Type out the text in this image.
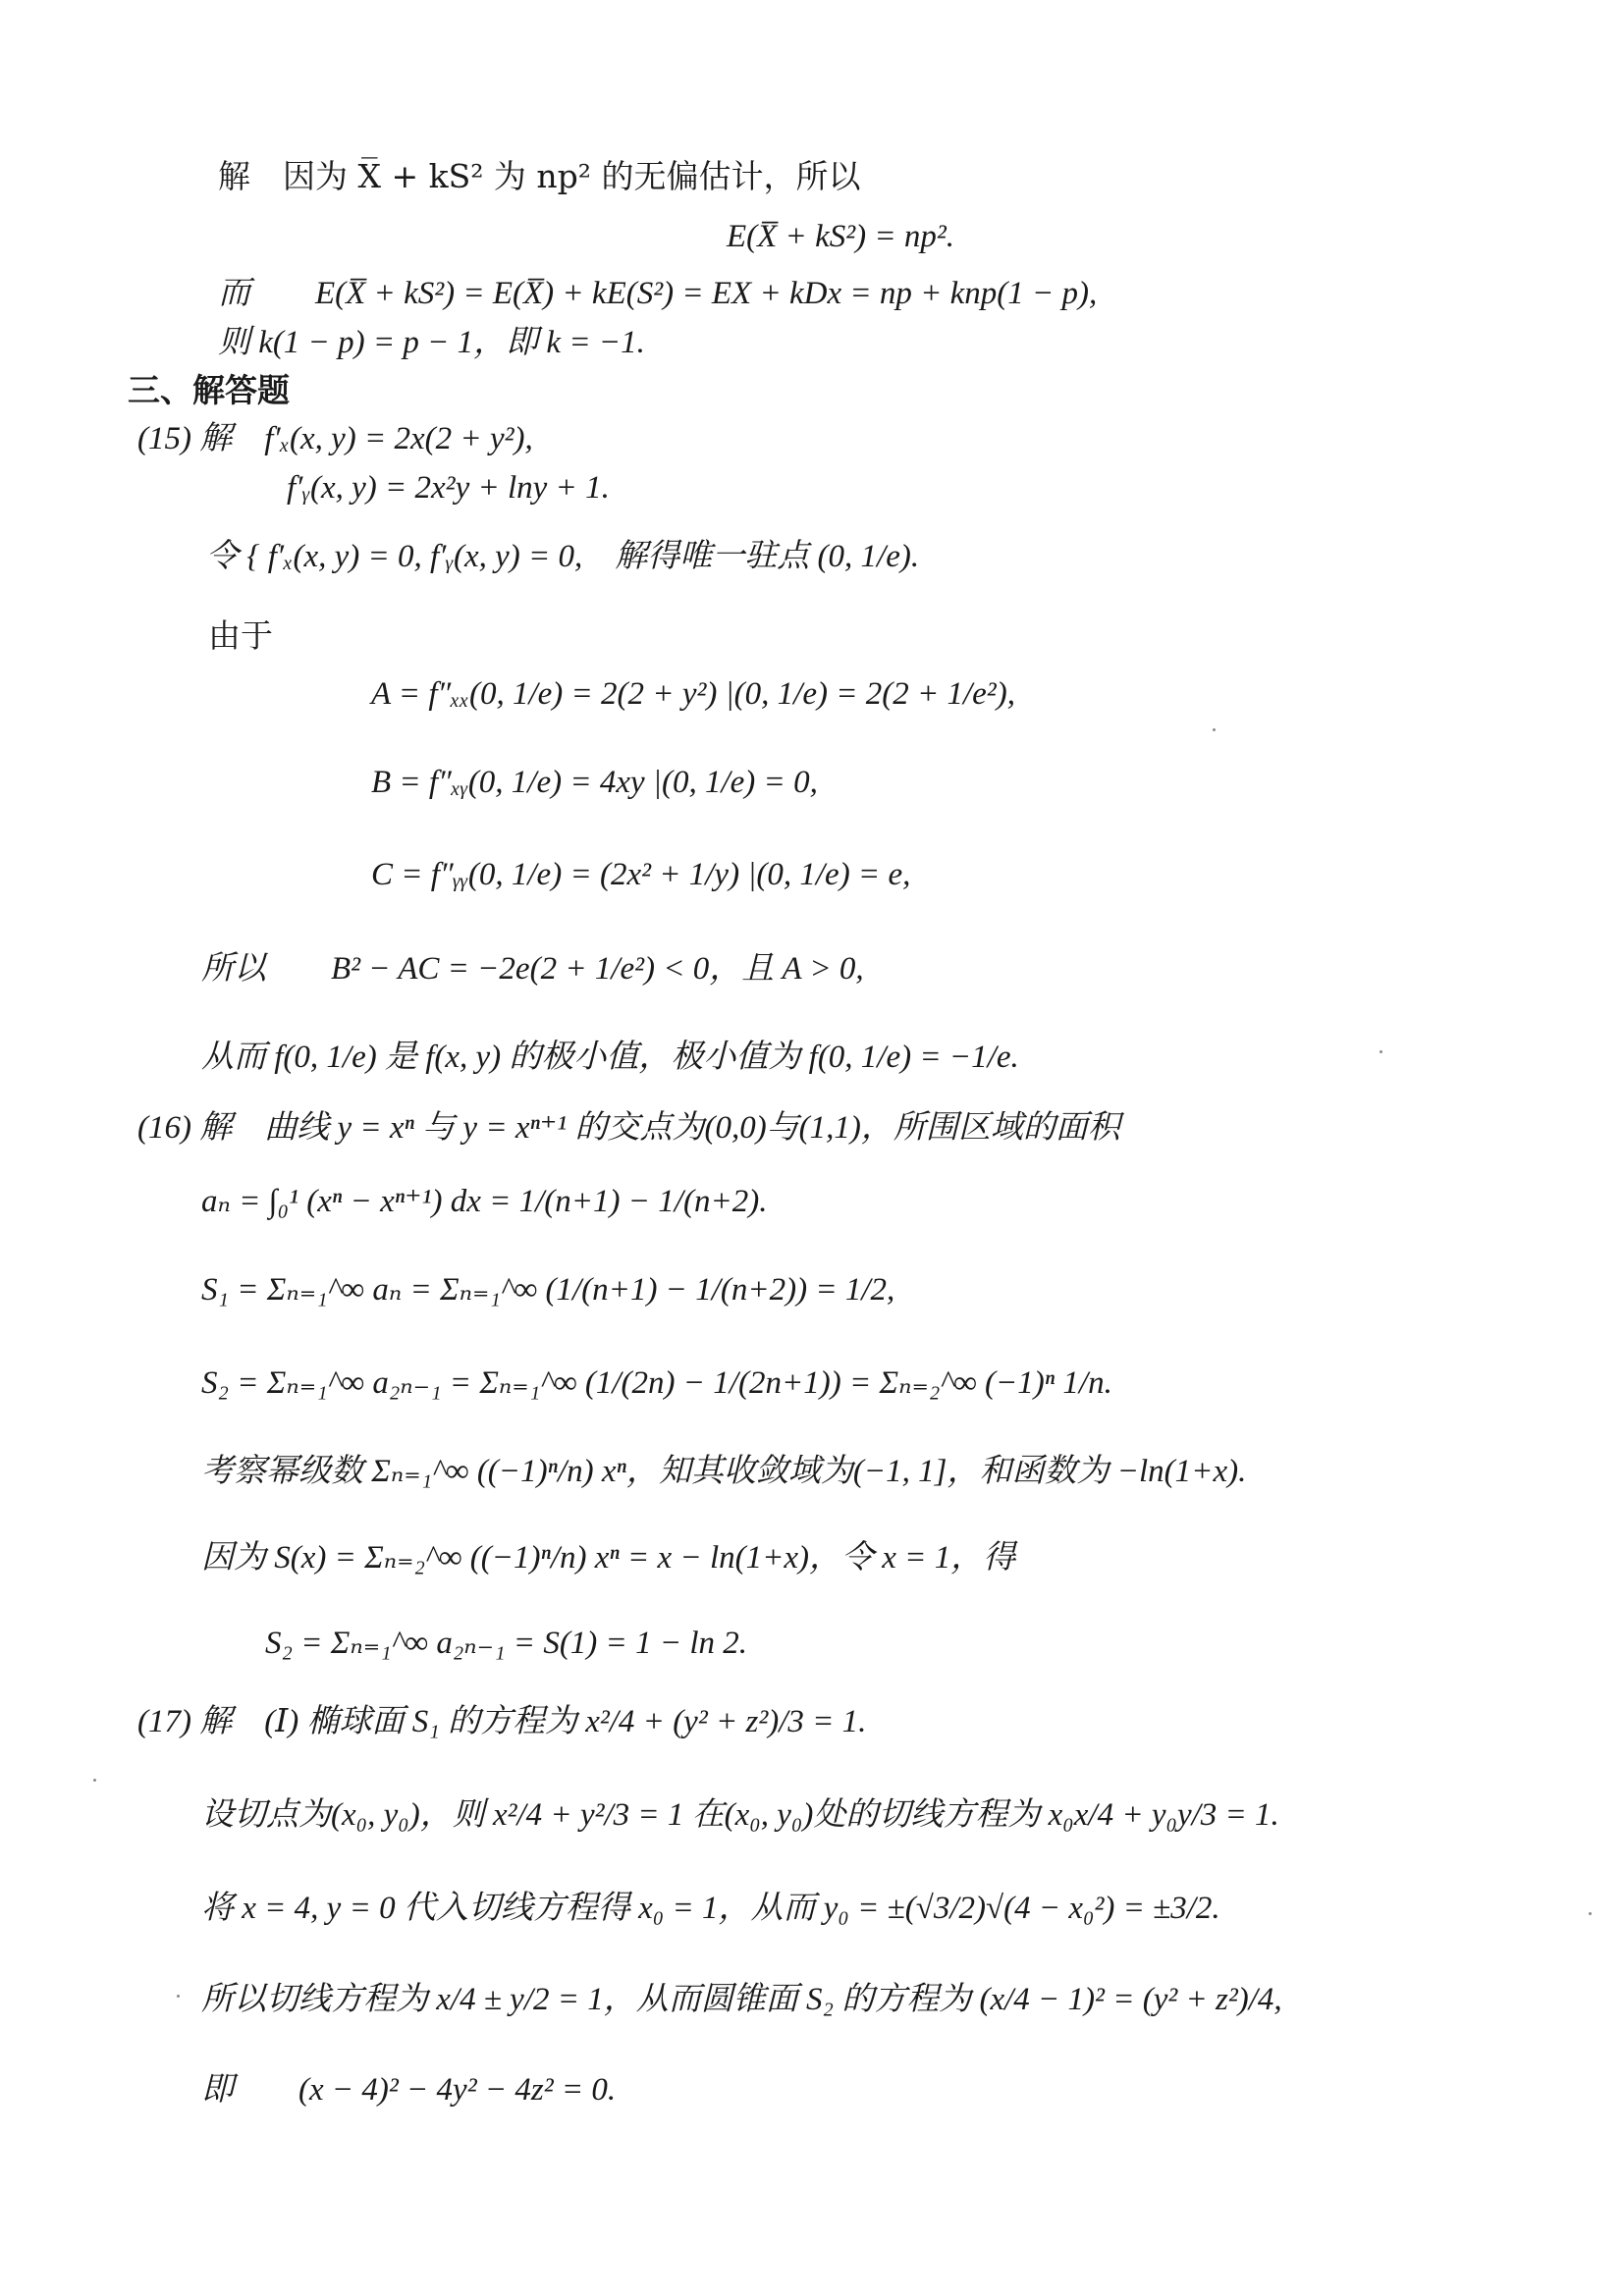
解　因为 X̅ + kS² 为 np² 的无偏估计，所以
E(X̅ + kS²) = np².
而　　E(X̅ + kS²) = E(X̅) + kE(S²) = EX + kDx = np + knp(1 − p),
则 k(1 − p) = p − 1，即 k = −1.
三、解答题
(15) 解　f′ₓ(x, y) = 2x(2 + y²),
f′ᵧ(x, y) = 2x²y + lny + 1.
令 { f′ₓ(x, y) = 0, f′ᵧ(x, y) = 0,　解得唯一驻点 (0, 1/e).
由于
A = f″ₓₓ(0, 1/e) = 2(2 + y²) |(0, 1/e) = 2(2 + 1/e²),
B = f″ₓᵧ(0, 1/e) = 4xy |(0, 1/e) = 0,
C = f″ᵧᵧ(0, 1/e) = (2x² + 1/y) |(0, 1/e) = e,
所以　　B² − AC = −2e(2 + 1/e²) < 0，且 A > 0,
从而 f(0, 1/e) 是 f(x, y) 的极小值，极小值为 f(0, 1/e) = −1/e.
(16) 解　曲线 y = xⁿ 与 y = xⁿ⁺¹ 的交点为(0,0)与(1,1)，所围区域的面积
aₙ = ∫₀¹ (xⁿ − xⁿ⁺¹) dx = 1/(n+1) − 1/(n+2).
S₁ = Σₙ₌₁^∞ aₙ = Σₙ₌₁^∞ (1/(n+1) − 1/(n+2)) = 1/2,
S₂ = Σₙ₌₁^∞ a₂ₙ₋₁ = Σₙ₌₁^∞ (1/(2n) − 1/(2n+1)) = Σₙ₌₂^∞ (−1)ⁿ 1/n.
考察幂级数 Σₙ₌₁^∞ ((−1)ⁿ/n) xⁿ，知其收敛域为(−1, 1]，和函数为 −ln(1+x).
因为 S(x) = Σₙ₌₂^∞ ((−1)ⁿ/n) xⁿ = x − ln(1+x)，令 x = 1，得
S₂ = Σₙ₌₁^∞ a₂ₙ₋₁ = S(1) = 1 − ln 2.
(17) 解　(Ⅰ) 椭球面 S₁ 的方程为 x²/4 + (y² + z²)/3 = 1.
设切点为(x₀, y₀)，则 x²/4 + y²/3 = 1 在(x₀, y₀)处的切线方程为 x₀x/4 + y₀y/3 = 1.
将 x = 4, y = 0 代入切线方程得 x₀ = 1，从而 y₀ = ±(√3/2)√(4 − x₀²) = ±3/2.
所以切线方程为 x/4 ± y/2 = 1，从而圆锥面 S₂ 的方程为 (x/4 − 1)² = (y² + z²)/4,
即　　(x − 4)² − 4y² − 4z² = 0.
